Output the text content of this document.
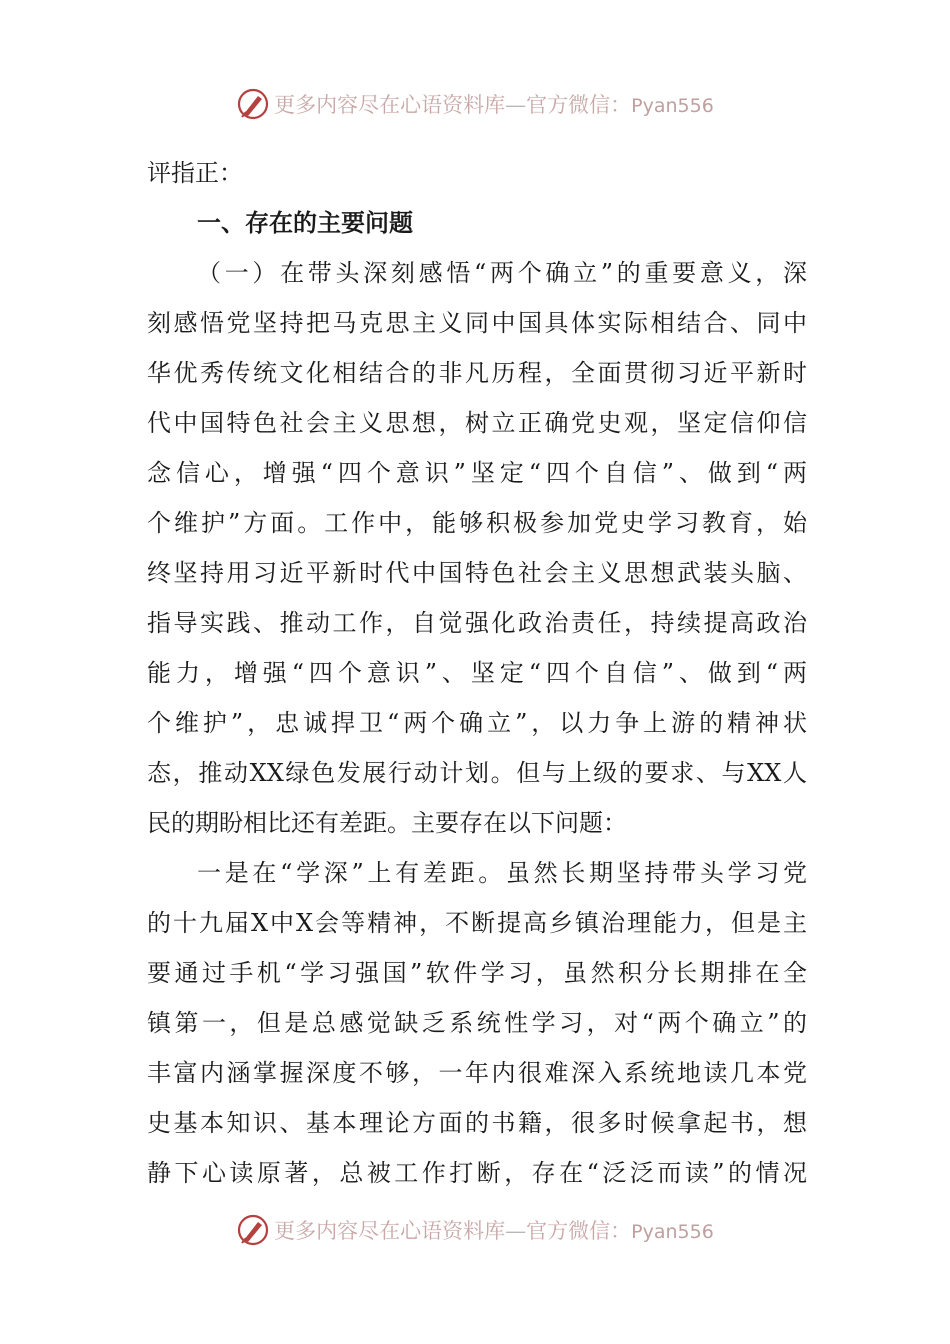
更多内容尽在心语资料库—官方微信：Pyan556
评指正：
一、存在的主要问题
（一）在带头深刻感悟“两个确立”的重要意义，深
刻感悟党坚持把马克思主义同中国具体实际相结合、同中
华优秀传统文化相结合的非凡历程，全面贯彻习近平新时
代中国特色社会主义思想，树立正确党史观，坚定信仰信
念信心，增强“四个意识”坚定“四个自信”、做到“两
个维护”方面。工作中，能够积极参加党史学习教育，始
终坚持用习近平新时代中国特色社会主义思想武装头脑、
指导实践、推动工作，自觉强化政治责任，持续提高政治
能力，增强“四个意识”、坚定“四个自信”、做到“两
个维护”，忠诚捍卫“两个确立”，以力争上游的精神状
态，推动XX绿色发展行动计划。但与上级的要求、与XX人
民的期盼相比还有差距。主要存在以下问题：
一是在“学深”上有差距。虽然长期坚持带头学习党
的十九届X中X会等精神，不断提高乡镇治理能力，但是主
要通过手机“学习强国”软件学习，虽然积分长期排在全
镇第一，但是总感觉缺乏系统性学习，对“两个确立”的
丰富内涵掌握深度不够，一年内很难深入系统地读几本党
史基本知识、基本理论方面的书籍，很多时候拿起书，想
静下心读原著，总被工作打断，存在“泛泛而读”的情况
更多内容尽在心语资料库—官方微信：Pyan556
